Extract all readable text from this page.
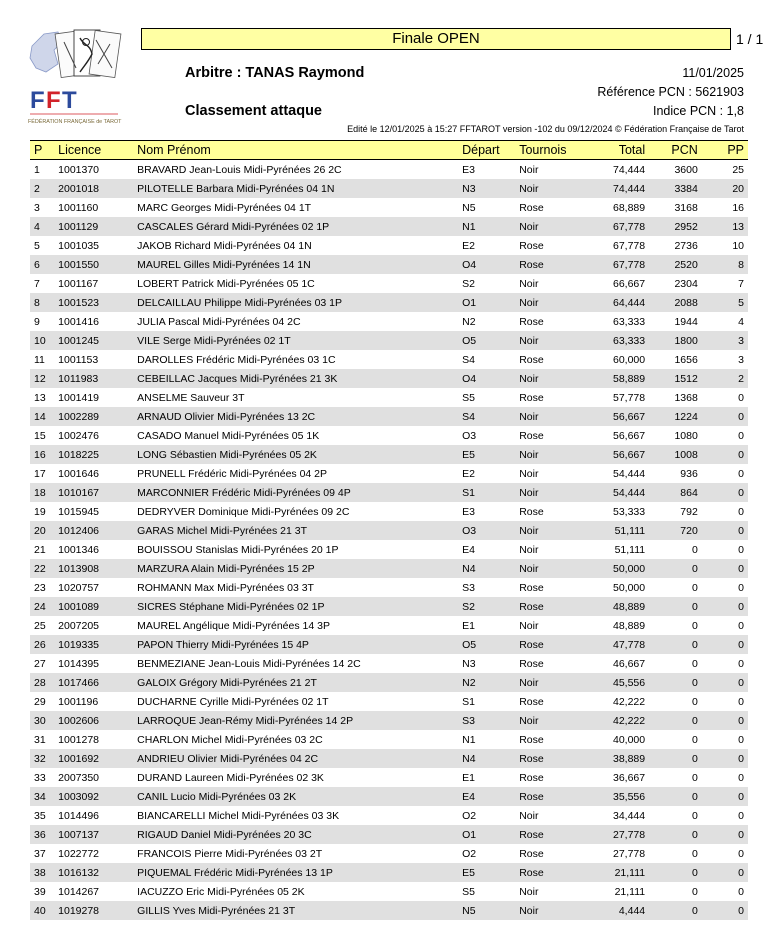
F F T
FÉDÉRATION FRANÇAISE de TAROT
Finale OPEN	1 / 1
Arbitre : TANAS Raymond
Classement attaque
11/01/2025
Référence PCN : 5621903
Indice PCN : 1,8
Edité le 12/01/2025 à 15:27 FFTAROT version -102 du 09/12/2024 © Fédération Française de Tarot
P	Licence	Nom Prénom	Départ	Tournois	Total	PCN	PP
1	1001370	BRAVARD Jean-Louis Midi-Pyrénées 26 2C	E3	Noir	74,444	3600	25
2	2001018	PILOTELLE Barbara Midi-Pyrénées 04 1N	N3	Noir	74,444	3384	20
3	1001160	MARC Georges Midi-Pyrénées 04 1T	N5	Rose	68,889	3168	16
4	1001129	CASCALES Gérard Midi-Pyrénées 02 1P	N1	Noir	67,778	2952	13
5	1001035	JAKOB Richard Midi-Pyrénées 04 1N	E2	Rose	67,778	2736	10
6	1001550	MAUREL Gilles Midi-Pyrénées 14 1N	O4	Rose	67,778	2520	8
7	1001167	LOBERT Patrick Midi-Pyrénées 05 1C	S2	Noir	66,667	2304	7
8	1001523	DELCAILLAU Philippe Midi-Pyrénées 03 1P	O1	Noir	64,444	2088	5
9	1001416	JULIA Pascal Midi-Pyrénées 04 2C	N2	Rose	63,333	1944	4
10	1001245	VILE Serge Midi-Pyrénées 02 1T	O5	Noir	63,333	1800	3
11	1001153	DAROLLES Frédéric Midi-Pyrénées 03 1C	S4	Rose	60,000	1656	3
12	1011983	CEBEILLAC Jacques Midi-Pyrénées 21 3K	O4	Noir	58,889	1512	2
13	1001419	ANSELME Sauveur 3T	S5	Rose	57,778	1368	0
14	1002289	ARNAUD Olivier Midi-Pyrénées 13 2C	S4	Noir	56,667	1224	0
15	1002476	CASADO Manuel Midi-Pyrénées 05 1K	O3	Rose	56,667	1080	0
16	1018225	LONG Sébastien Midi-Pyrénées 05 2K	E5	Noir	56,667	1008	0
17	1001646	PRUNELL Frédéric Midi-Pyrénées 04 2P	E2	Noir	54,444	936	0
18	1010167	MARCONNIER Frédéric Midi-Pyrénées 09 4P	S1	Noir	54,444	864	0
19	1015945	DEDRYVER Dominique Midi-Pyrénées 09 2C	E3	Rose	53,333	792	0
20	1012406	GARAS Michel Midi-Pyrénées 21 3T	O3	Noir	51,111	720	0
21	1001346	BOUISSOU Stanislas Midi-Pyrénées 20 1P	E4	Noir	51,111	0	0
22	1013908	MARZURA Alain Midi-Pyrénées 15 2P	N4	Noir	50,000	0	0
23	1020757	ROHMANN Max Midi-Pyrénées 03 3T	S3	Rose	50,000	0	0
24	1001089	SICRES Stéphane Midi-Pyrénées 02 1P	S2	Rose	48,889	0	0
25	2007205	MAUREL Angélique Midi-Pyrénées 14 3P	E1	Noir	48,889	0	0
26	1019335	PAPON Thierry Midi-Pyrénées 15 4P	O5	Rose	47,778	0	0
27	1014395	BENMEZIANE Jean-Louis Midi-Pyrénées 14 2C	N3	Rose	46,667	0	0
28	1017466	GALOIX Grégory Midi-Pyrénées 21 2T	N2	Noir	45,556	0	0
29	1001196	DUCHARNE Cyrille Midi-Pyrénées 02 1T	S1	Rose	42,222	0	0
30	1002606	LARROQUE Jean-Rémy Midi-Pyrénées 14 2P	S3	Noir	42,222	0	0
31	1001278	CHARLON Michel Midi-Pyrénées 03 2C	N1	Rose	40,000	0	0
32	1001692	ANDRIEU Olivier Midi-Pyrénées 04 2C	N4	Rose	38,889	0	0
33	2007350	DURAND Laureen Midi-Pyrénées 02 3K	E1	Rose	36,667	0	0
34	1003092	CANIL Lucio Midi-Pyrénées 03 2K	E4	Rose	35,556	0	0
35	1014496	BIANCARELLI Michel Midi-Pyrénées 03 3K	O2	Noir	34,444	0	0
36	1007137	RIGAUD Daniel Midi-Pyrénées 20 3C	O1	Rose	27,778	0	0
37	1022772	FRANCOIS Pierre Midi-Pyrénées 03 2T	O2	Rose	27,778	0	0
38	1016132	PIQUEMAL Frédéric Midi-Pyrénées 13 1P	E5	Rose	21,111	0	0
39	1014267	IACUZZO Eric Midi-Pyrénées 05 2K	S5	Noir	21,111	0	0
40	1019278	GILLIS Yves Midi-Pyrénées 21 3T	N5	Noir	4,444	0	0
